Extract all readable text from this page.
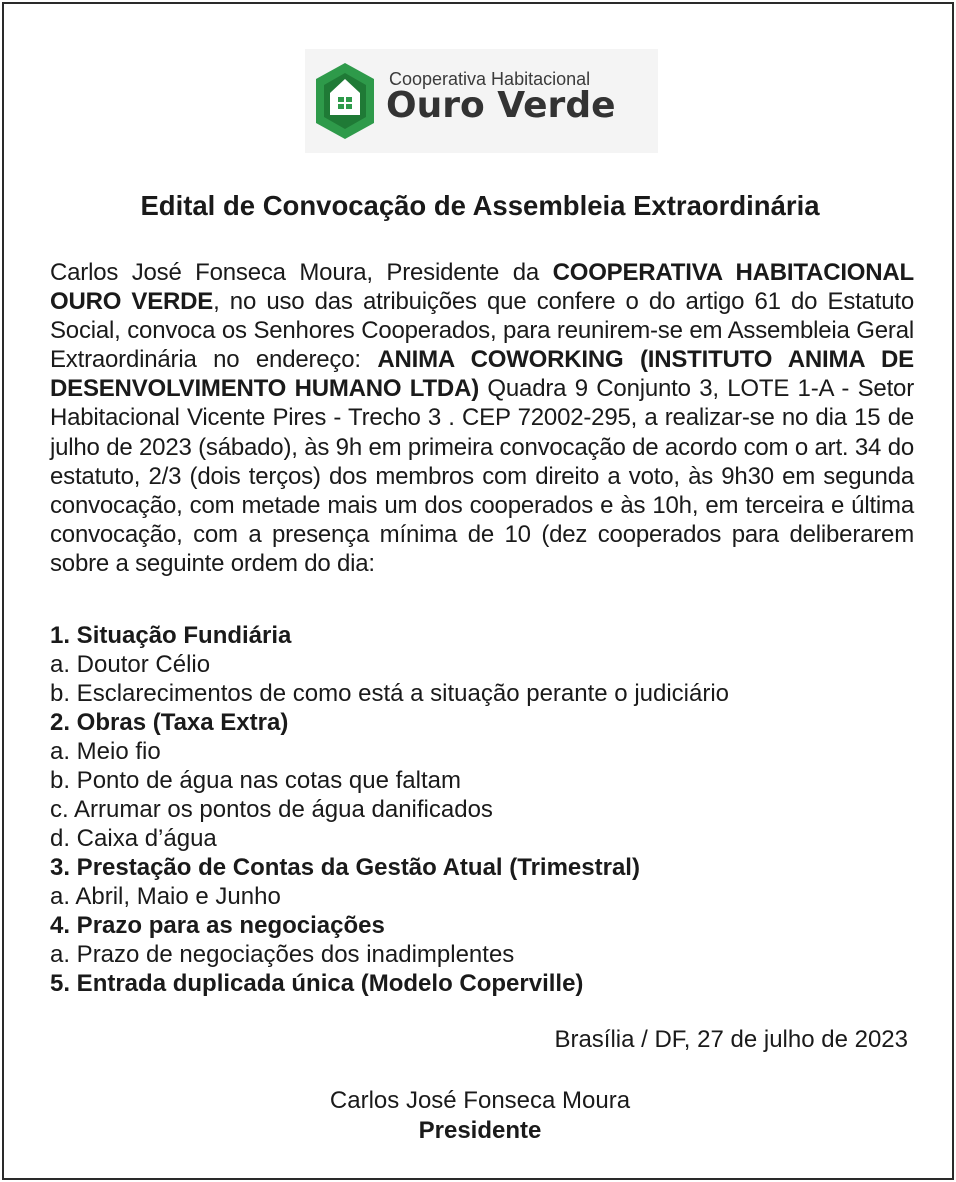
Cooperativa Habitacional
Ouro Verde
Edital de Convocação de Assembleia Extraordinária
Carlos José Fonseca Moura, Presidente da COOPERATIVA HABITACIONAL OURO VERDE, no uso das atribuições que confere o do artigo 61 do Estatuto Social, convoca os Senhores Cooperados, para reunirem-se em Assembleia Geral Extraordinária no endereço: ANIMA COWORKING (INSTITUTO ANIMA DE DESENVOLVIMENTO HUMANO LTDA) Quadra 9 Conjunto 3, LOTE 1-A - Setor Habitacional Vicente Pires - Trecho 3 . CEP 72002-295, a realizar-se no dia 15 de julho de 2023 (sábado), às 9h em primeira convocação de acordo com o art. 34 do estatuto, 2/3 (dois terços) dos membros com direito a voto, às 9h30 em segunda convocação, com metade mais um dos cooperados e às 10h, em terceira e última convocação, com a presença mínima de 10 (dez cooperados para deliberarem sobre a seguinte ordem do dia:
1. Situação Fundiária
a. Doutor Célio
b. Esclarecimentos de como está a situação perante o judiciário
2. Obras (Taxa Extra)
a. Meio fio
b. Ponto de água nas cotas que faltam
c. Arrumar os pontos de água danificados
d. Caixa d’água
3. Prestação de Contas da Gestão Atual (Trimestral)
a. Abril, Maio e Junho
4. Prazo para as negociações
a. Prazo de negociações dos inadimplentes
5. Entrada duplicada única (Modelo Coperville)
Brasília / DF, 27 de julho de 2023
Carlos José Fonseca Moura
Presidente
